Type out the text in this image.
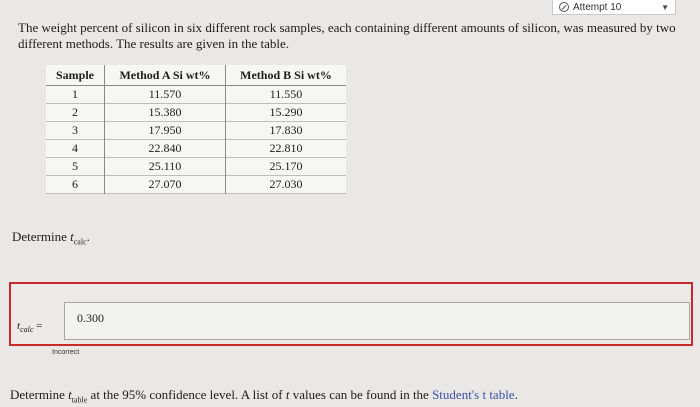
Attempt 10	▼
The weight percent of silicon in six different rock samples, each containing different amounts of silicon, was measured by two different methods. The results are given in the table.
Sample	Method A Si wt%	Method B Si wt%
1	11.570	11.550
2	15.380	15.290
3	17.950	17.830
4	22.840	22.810
5	25.110	25.170
6	27.070	27.030
Determine $t_{calc}$.
$t_{calc}$ =
0.300
Incorrect
Determine $t_{table}$ at the 95% confidence level. A list of t values can be found in the Student's t table.
